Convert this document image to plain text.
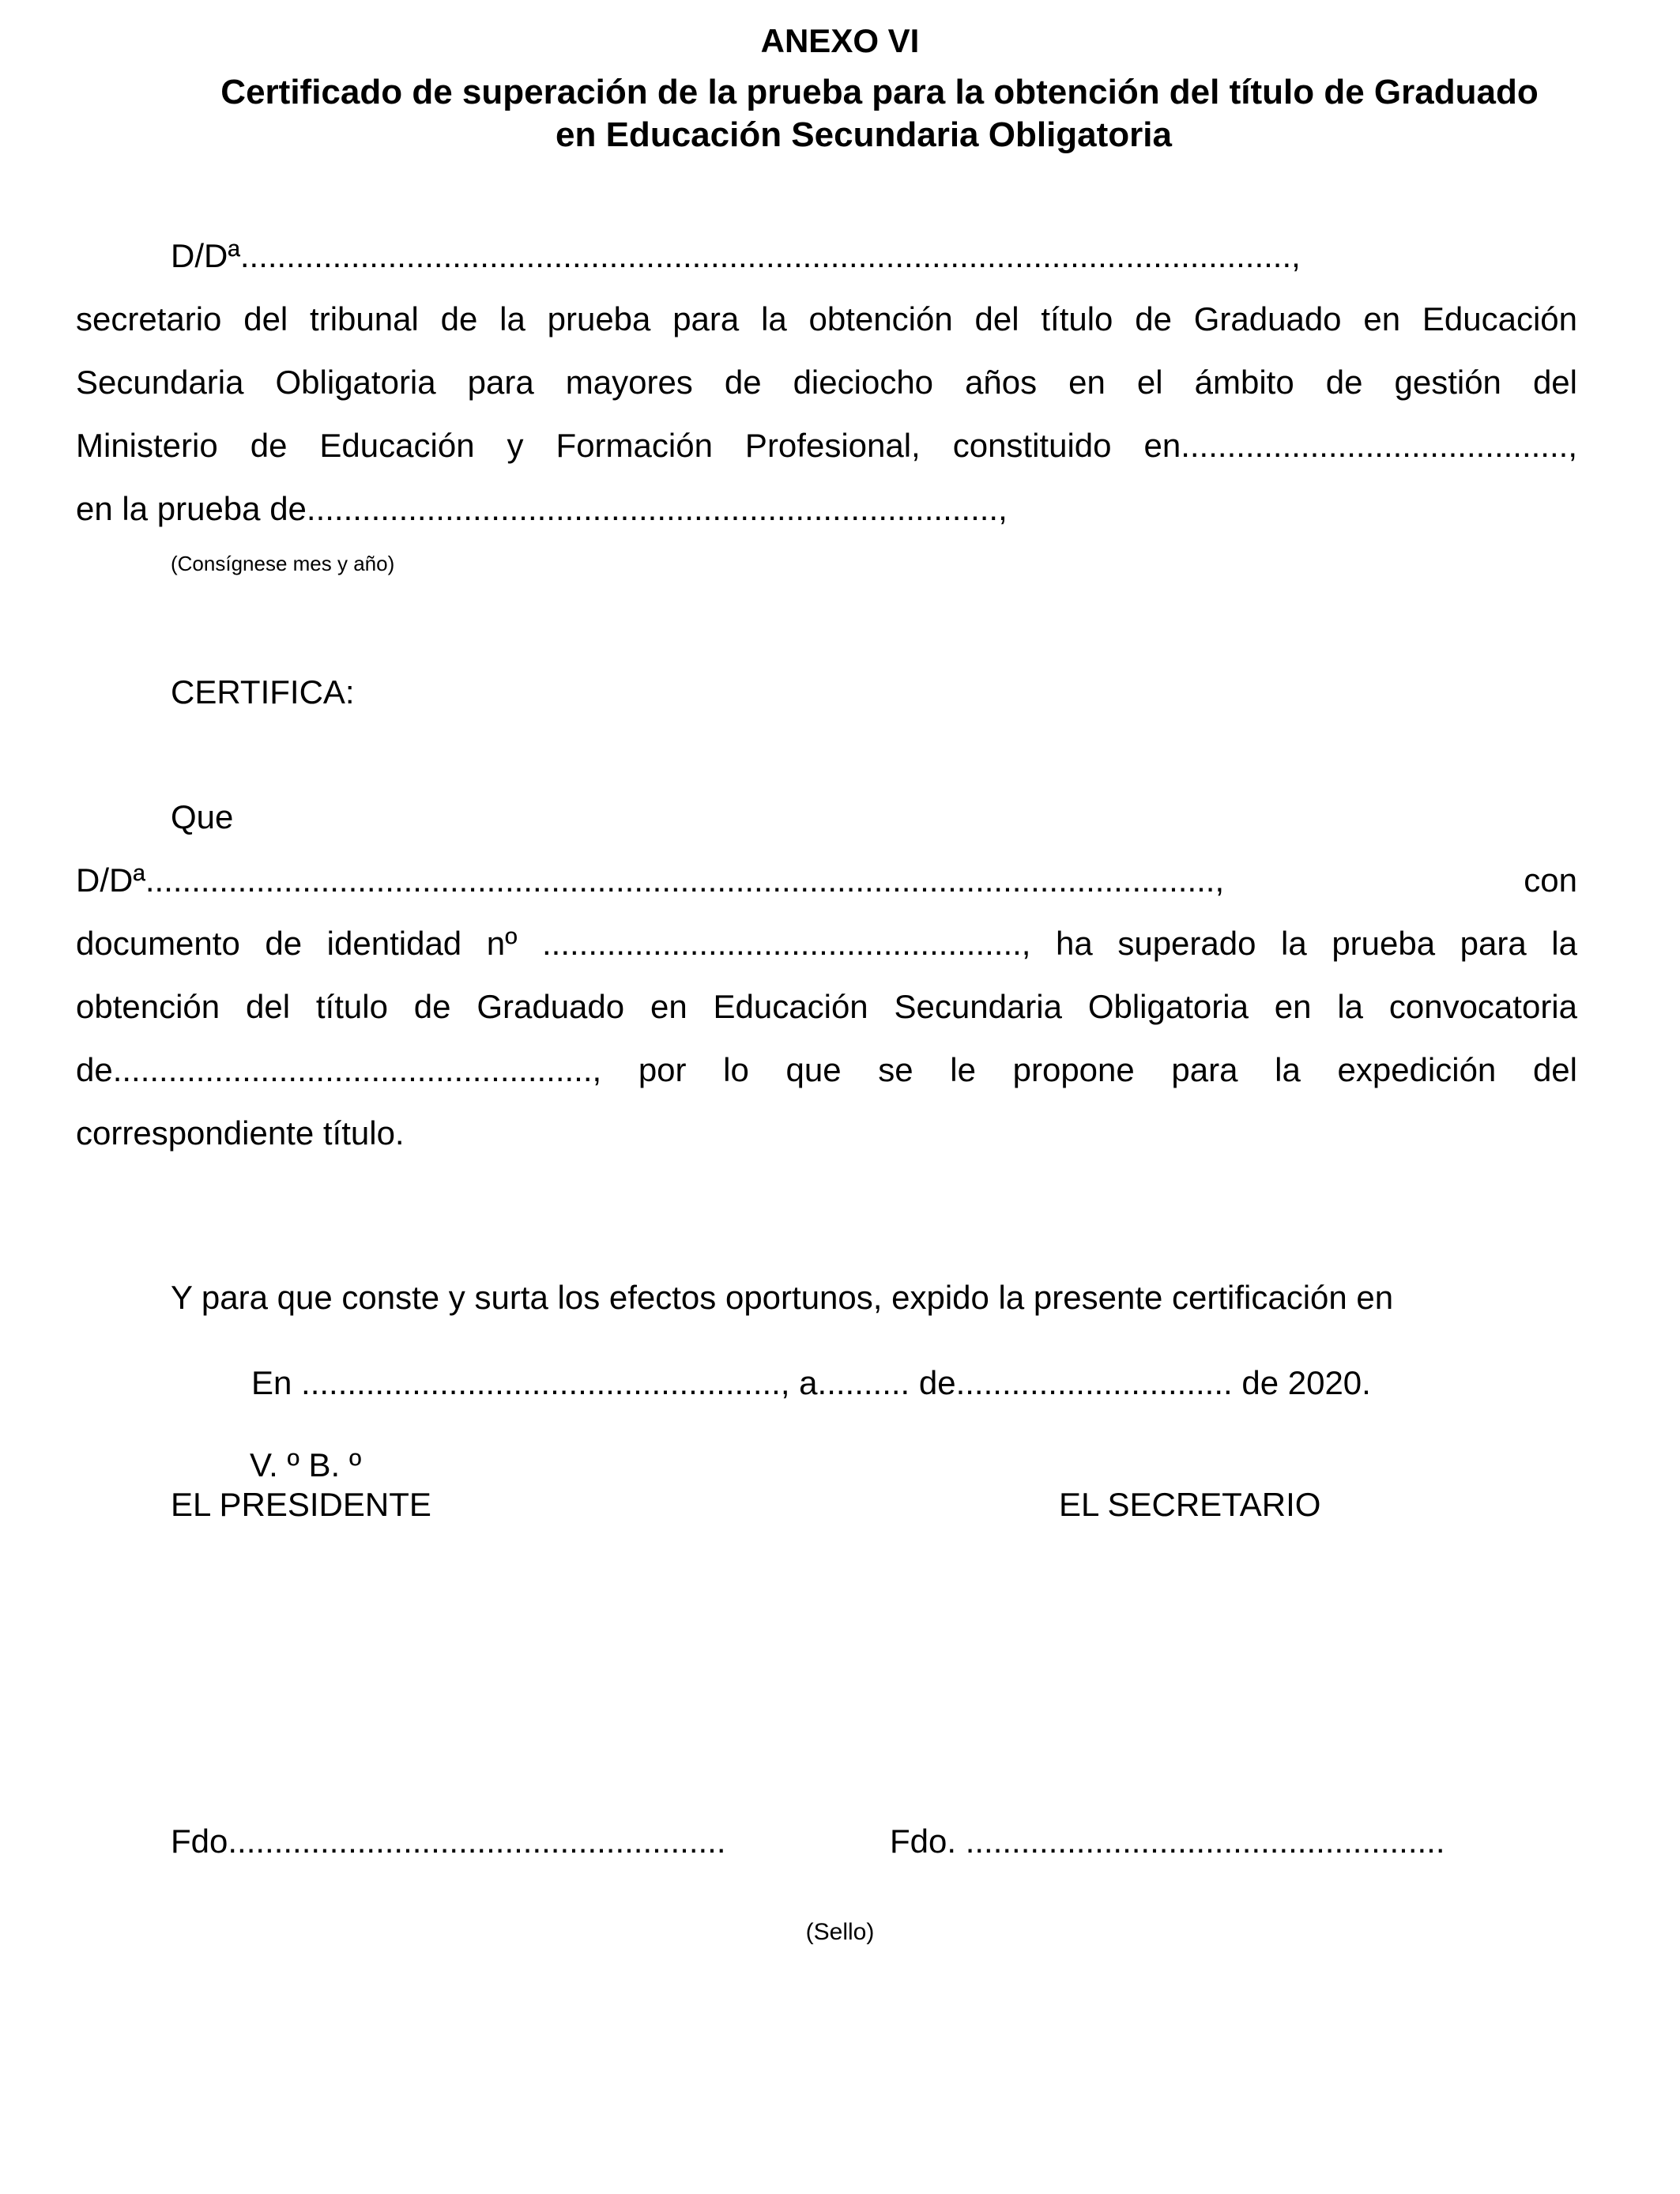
ANEXO VI
Certificado de superación de la prueba para la obtención del título de Graduado
en Educación Secundaria Obligatoria
D/Dª..................................................................................................................,
secretario del tribunal de la prueba para la obtención del título de Graduado en Educación
Secundaria Obligatoria para mayores de dieciocho años en el ámbito de gestión del
Ministerio de Educación y Formación Profesional, constituido en..........................................,
en la prueba de...........................................................................,
(Consígnese mes y año)
CERTIFICA:
Que
D/Dª...................................................................................................................., con
documento de identidad nº ...................................................., ha superado la prueba para la
obtención del título de Graduado en Educación Secundaria Obligatoria en la convocatoria
de...................................................., por lo que se le propone para la expedición del
correspondiente título.
Y para que conste y surta los efectos oportunos, expido la presente certificación en
En ...................................................., a.......... de.............................. de 2020.
V. º B. º
EL PRESIDENTE	EL SECRETARIO
Fdo......................................................	Fdo. ....................................................
(Sello)
